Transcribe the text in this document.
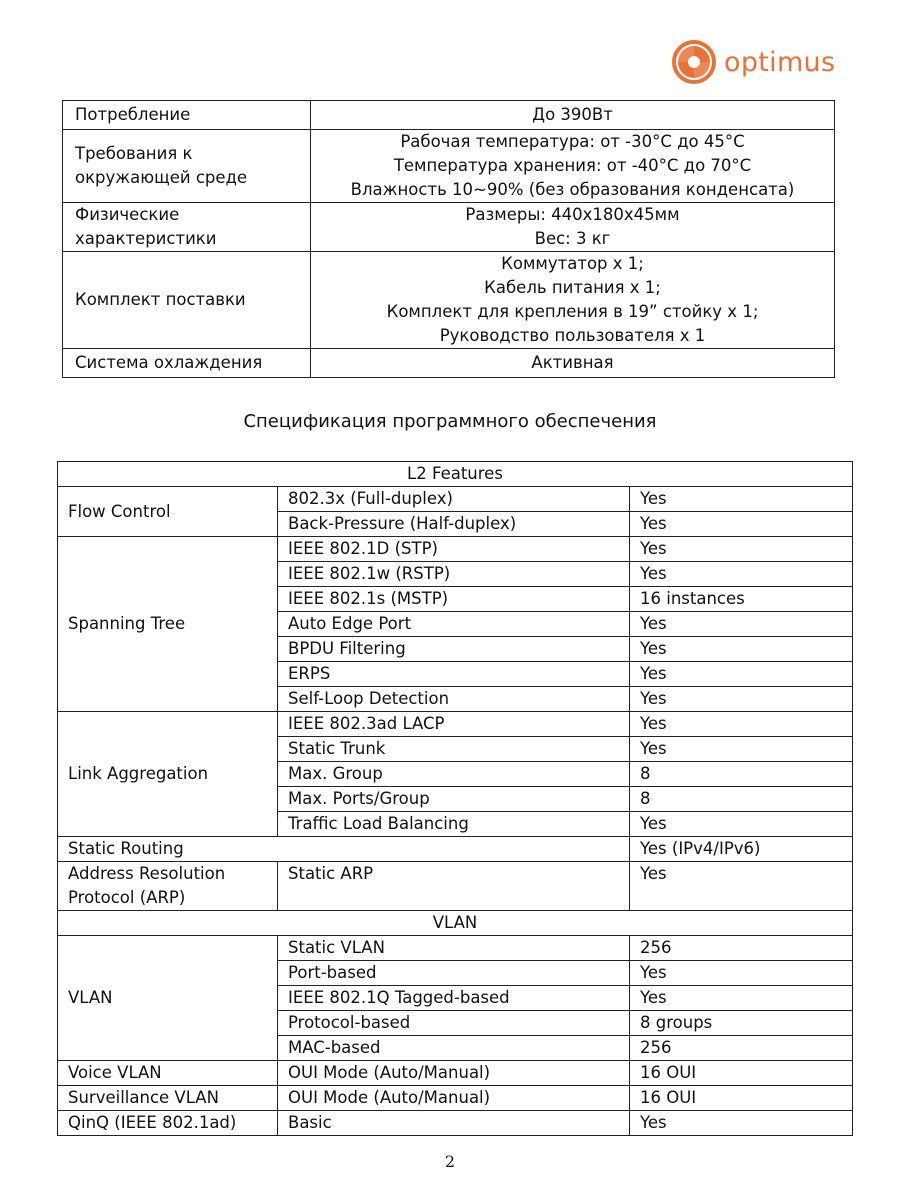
optimus
Потребление	До 390Вт
Требования к окружающей среде	Рабочая температура: от -30°C до 45°C
Температура хранения: от -40°C до 70°C
Влажность 10~90% (без образования конденсата)

Физические характеристики	Размеры: 440x180x45мм
Вес: 3 кг

Комплект поставки	Коммутатор x 1;
Кабель питания x 1;
Комплект для крепления в 19” стойку x 1;
Руководство пользователя x 1

Система охлаждения	Активная
Спецификация программного обеспечения
L2 Features		
Flow Control	802.3x (Full-duplex)	Yes
	Back-Pressure (Half-duplex)	Yes
Spanning Tree	IEEE 802.1D (STP)	Yes
	IEEE 802.1w (RSTP)	Yes
	IEEE 802.1s (MSTP)	16 instances
	Auto Edge Port	Yes
	BPDU Filtering	Yes
	ERPS	Yes
	Self-Loop Detection	Yes
Link Aggregation	IEEE 802.3ad LACP	Yes
	Static Trunk	Yes
	Max. Group	8
	Max. Ports/Group	8
	Traffic Load Balancing	Yes
Static Routing		Yes (IPv4/IPv6)
Address Resolution Protocol (ARP)	Static ARP	Yes
VLAN		
VLAN	Static VLAN	256
	Port-based	Yes
	IEEE 802.1Q Tagged-based	Yes
	Protocol-based	8 groups
	MAC-based	256
Voice VLAN	OUI Mode (Auto/Manual)	16 OUI
Surveillance VLAN	OUI Mode (Auto/Manual)	16 OUI
QinQ (IEEE 802.1ad)	Basic	Yes
2
